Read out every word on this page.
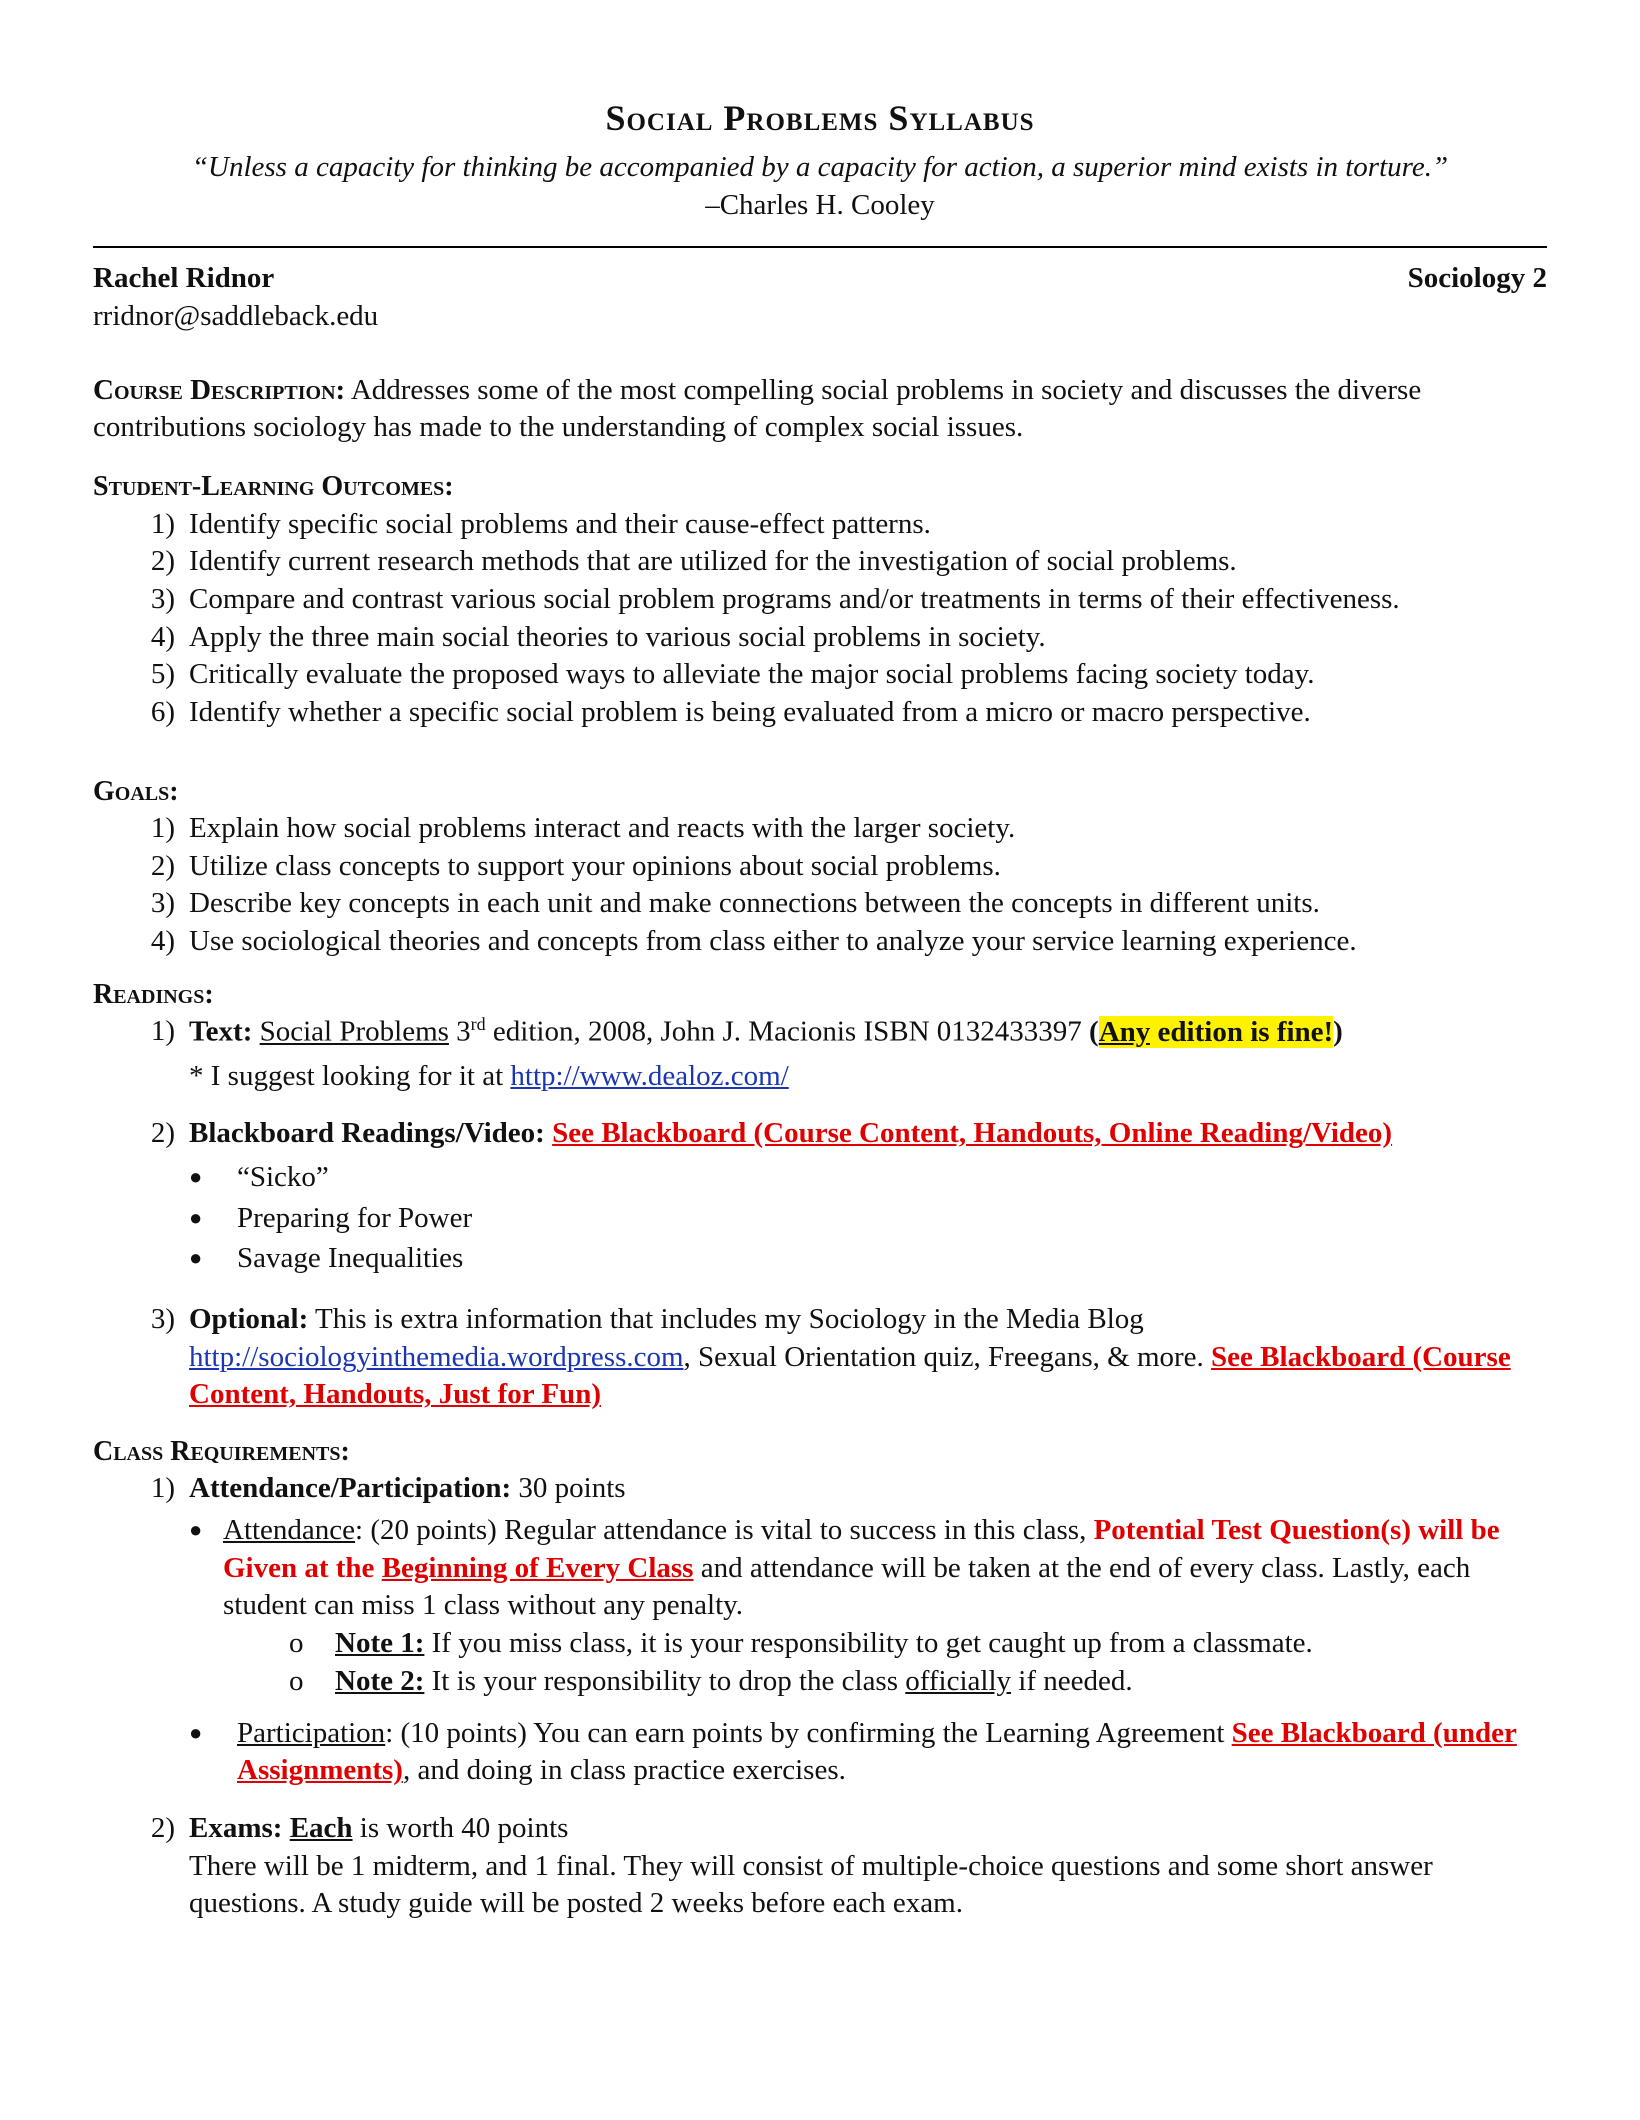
Social Problems Syllabus
“Unless a capacity for thinking be accompanied by a capacity for action, a superior mind exists in torture.”
–Charles H. Cooley
Rachel Ridnor	Sociology 2
rridnor@saddleback.edu
Course Description: Addresses some of the most compelling social problems in society and discusses the diverse contributions sociology has made to the understanding of complex social issues.
Student-Learning Outcomes:
1) Identify specific social problems and their cause-effect patterns.
2) Identify current research methods that are utilized for the investigation of social problems.
3) Compare and contrast various social problem programs and/or treatments in terms of their effectiveness.
4) Apply the three main social theories to various social problems in society.
5) Critically evaluate the proposed ways to alleviate the major social problems facing society today.
6) Identify whether a specific social problem is being evaluated from a micro or macro perspective.
Goals:
1) Explain how social problems interact and reacts with the larger society.
2) Utilize class concepts to support your opinions about social problems.
3) Describe key concepts in each unit and make connections between the concepts in different units.
4) Use sociological theories and concepts from class either to analyze your service learning experience.
Readings:
1) Text: Social Problems 3rd edition, 2008, John J. Macionis ISBN 0132433397 (Any edition is fine!)
* I suggest looking for it at http://www.dealoz.com/
2) Blackboard Readings/Video: See Blackboard (Course Content, Handouts, Online Reading/Video)
●	“Sicko”
●	Preparing for Power
●	Savage Inequalities
3) Optional: This is extra information that includes my Sociology in the Media Blog http://sociologyinthemedia.wordpress.com, Sexual Orientation quiz, Freegans, & more. See Blackboard (Course Content, Handouts, Just for Fun)
Class Requirements:
1) Attendance/Participation: 30 points
● Attendance: (20 points) Regular attendance is vital to success in this class, Potential Test Question(s) will be Given at the Beginning of Every Class and attendance will be taken at the end of every class. Lastly, each student can miss 1 class without any penalty.
o	Note 1: If you miss class, it is your responsibility to get caught up from a classmate.
o	Note 2: It is your responsibility to drop the class officially if needed.
●	Participation: (10 points) You can earn points by confirming the Learning Agreement See Blackboard (under Assignments), and doing in class practice exercises.
2) Exams: Each is worth 40 points
There will be 1 midterm, and 1 final. They will consist of multiple-choice questions and some short answer questions. A study guide will be posted 2 weeks before each exam.
